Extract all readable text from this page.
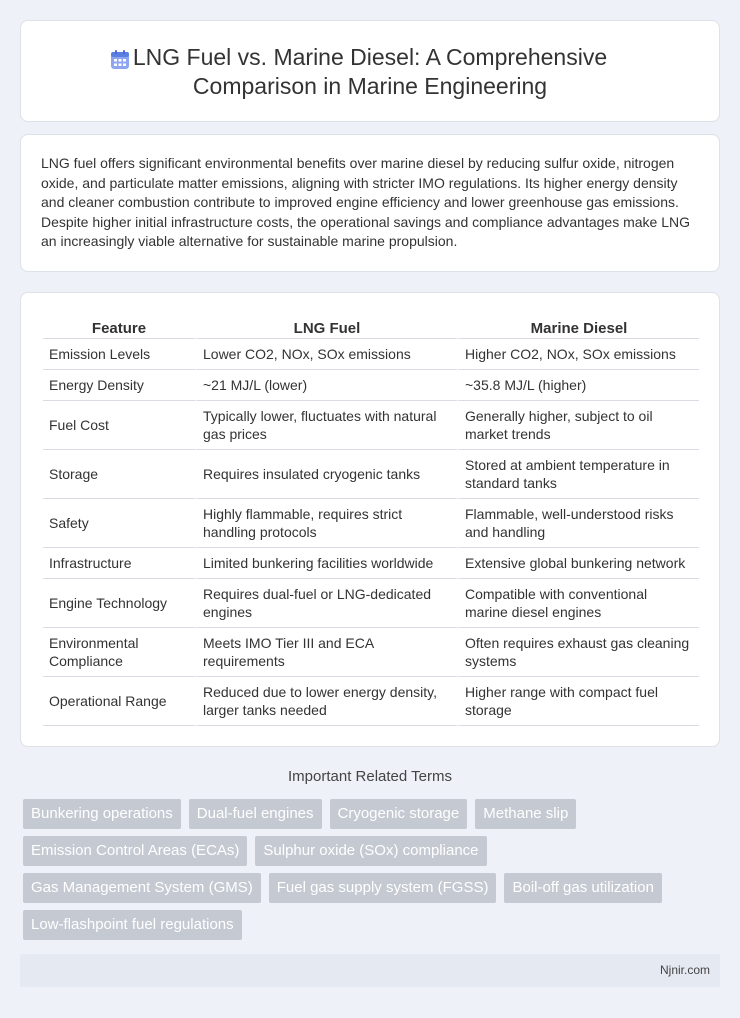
LNG Fuel vs. Marine Diesel: A Comprehensive
Comparison in Marine Engineering

LNG fuel offers significant environmental benefits over marine diesel by reducing sulfur oxide, nitrogen oxide, and particulate matter emissions, aligning with stricter IMO regulations. Its higher energy density and cleaner combustion contribute to improved engine efficiency and lower greenhouse gas emissions. Despite higher initial infrastructure costs, the operational savings and compliance advantages make LNG an increasingly viable alternative for sustainable marine propulsion.

Feature	LNG Fuel	Marine Diesel
Emission Levels	Lower CO2, NOx, SOx emissions	Higher CO2, NOx, SOx emissions
Energy Density	~21 MJ/L (lower)	~35.8 MJ/L (higher)
Fuel Cost	Typically lower, fluctuates with natural gas prices	Generally higher, subject to oil market trends
Storage	Requires insulated cryogenic tanks	Stored at ambient temperature in standard tanks
Safety	Highly flammable, requires strict handling protocols	Flammable, well-understood risks and handling
Infrastructure	Limited bunkering facilities worldwide	Extensive global bunkering network
Engine Technology	Requires dual-fuel or LNG-dedicated engines	Compatible with conventional marine diesel engines
Environmental Compliance	Meets IMO Tier III and ECA requirements	Often requires exhaust gas cleaning systems
Operational Range	Reduced due to lower energy density, larger tanks needed	Higher range with compact fuel storage
Important Related Terms
Bunkering operations	Dual-fuel engines	Cryogenic storage	Methane slip
Emission Control Areas (ECAs)	Sulphur oxide (SOx) compliance
Gas Management System (GMS)	Fuel gas supply system (FGSS)	Boil-off gas utilization
Low-flashpoint fuel regulations
Njnir.com
